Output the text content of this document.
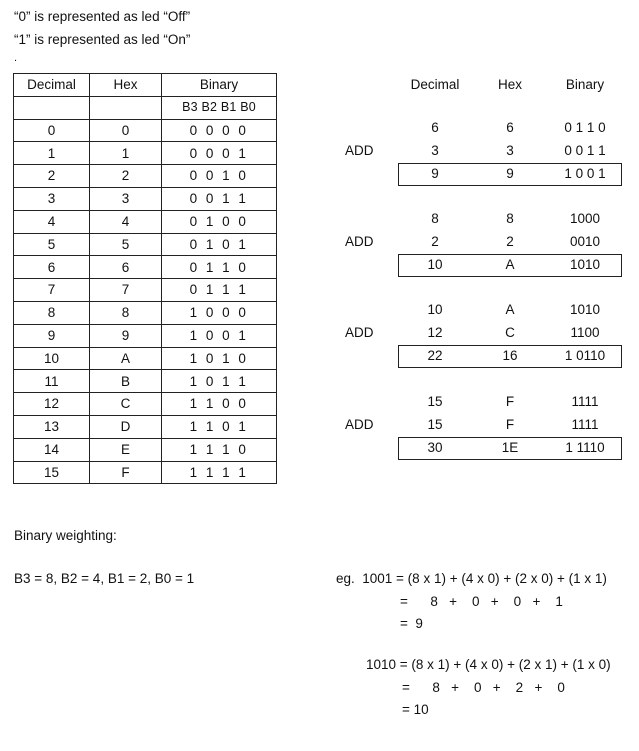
“0” is represented as led “Off”
“1” is represented as led “On”
.
Decimal	Hex	Binary
		B3 B2 B1 B0
0	0	0 0 0 0
1	1	0 0 0 1
2	2	0 0 1 0
3	3	0 0 1 1
4	4	0 1 0 0
5	5	0 1 0 1
6	6	0 1 1 0
7	7	0 1 1 1
8	8	1 0 0 0
9	9	1 0 0 1
10	A	1 0 1 0
11	B	1 0 1 1
12	C	1 1 0 0
13	D	1 1 0 1
14	E	1 1 1 0
15	F	1 1 1 1
Decimal	Hex	Binary
6	6	0 1 1 0
3	3	0 0 1 1
9	9	1 0 0 1
ADD
8	8	1000
2	2	0010
10	A	1010
ADD
10	A	1010
12	C	1100
22	16	1 0110
ADD
15	F	1111
15	F	1111
30	1E	1 1110
ADD
Binary weighting:
B3 = 8, B2 = 4, B1 = 2, B0 = 1	eg.  1001 = (8 x 1) + (4 x 0) + (2 x 0) + (1 x 1)
=      8   +    0   +    0   +    1
=  9
1010 = (8 x 1) + (4 x 0) + (2 x 1) + (1 x 0)
=      8   +    0   +    2   +    0
= 10
